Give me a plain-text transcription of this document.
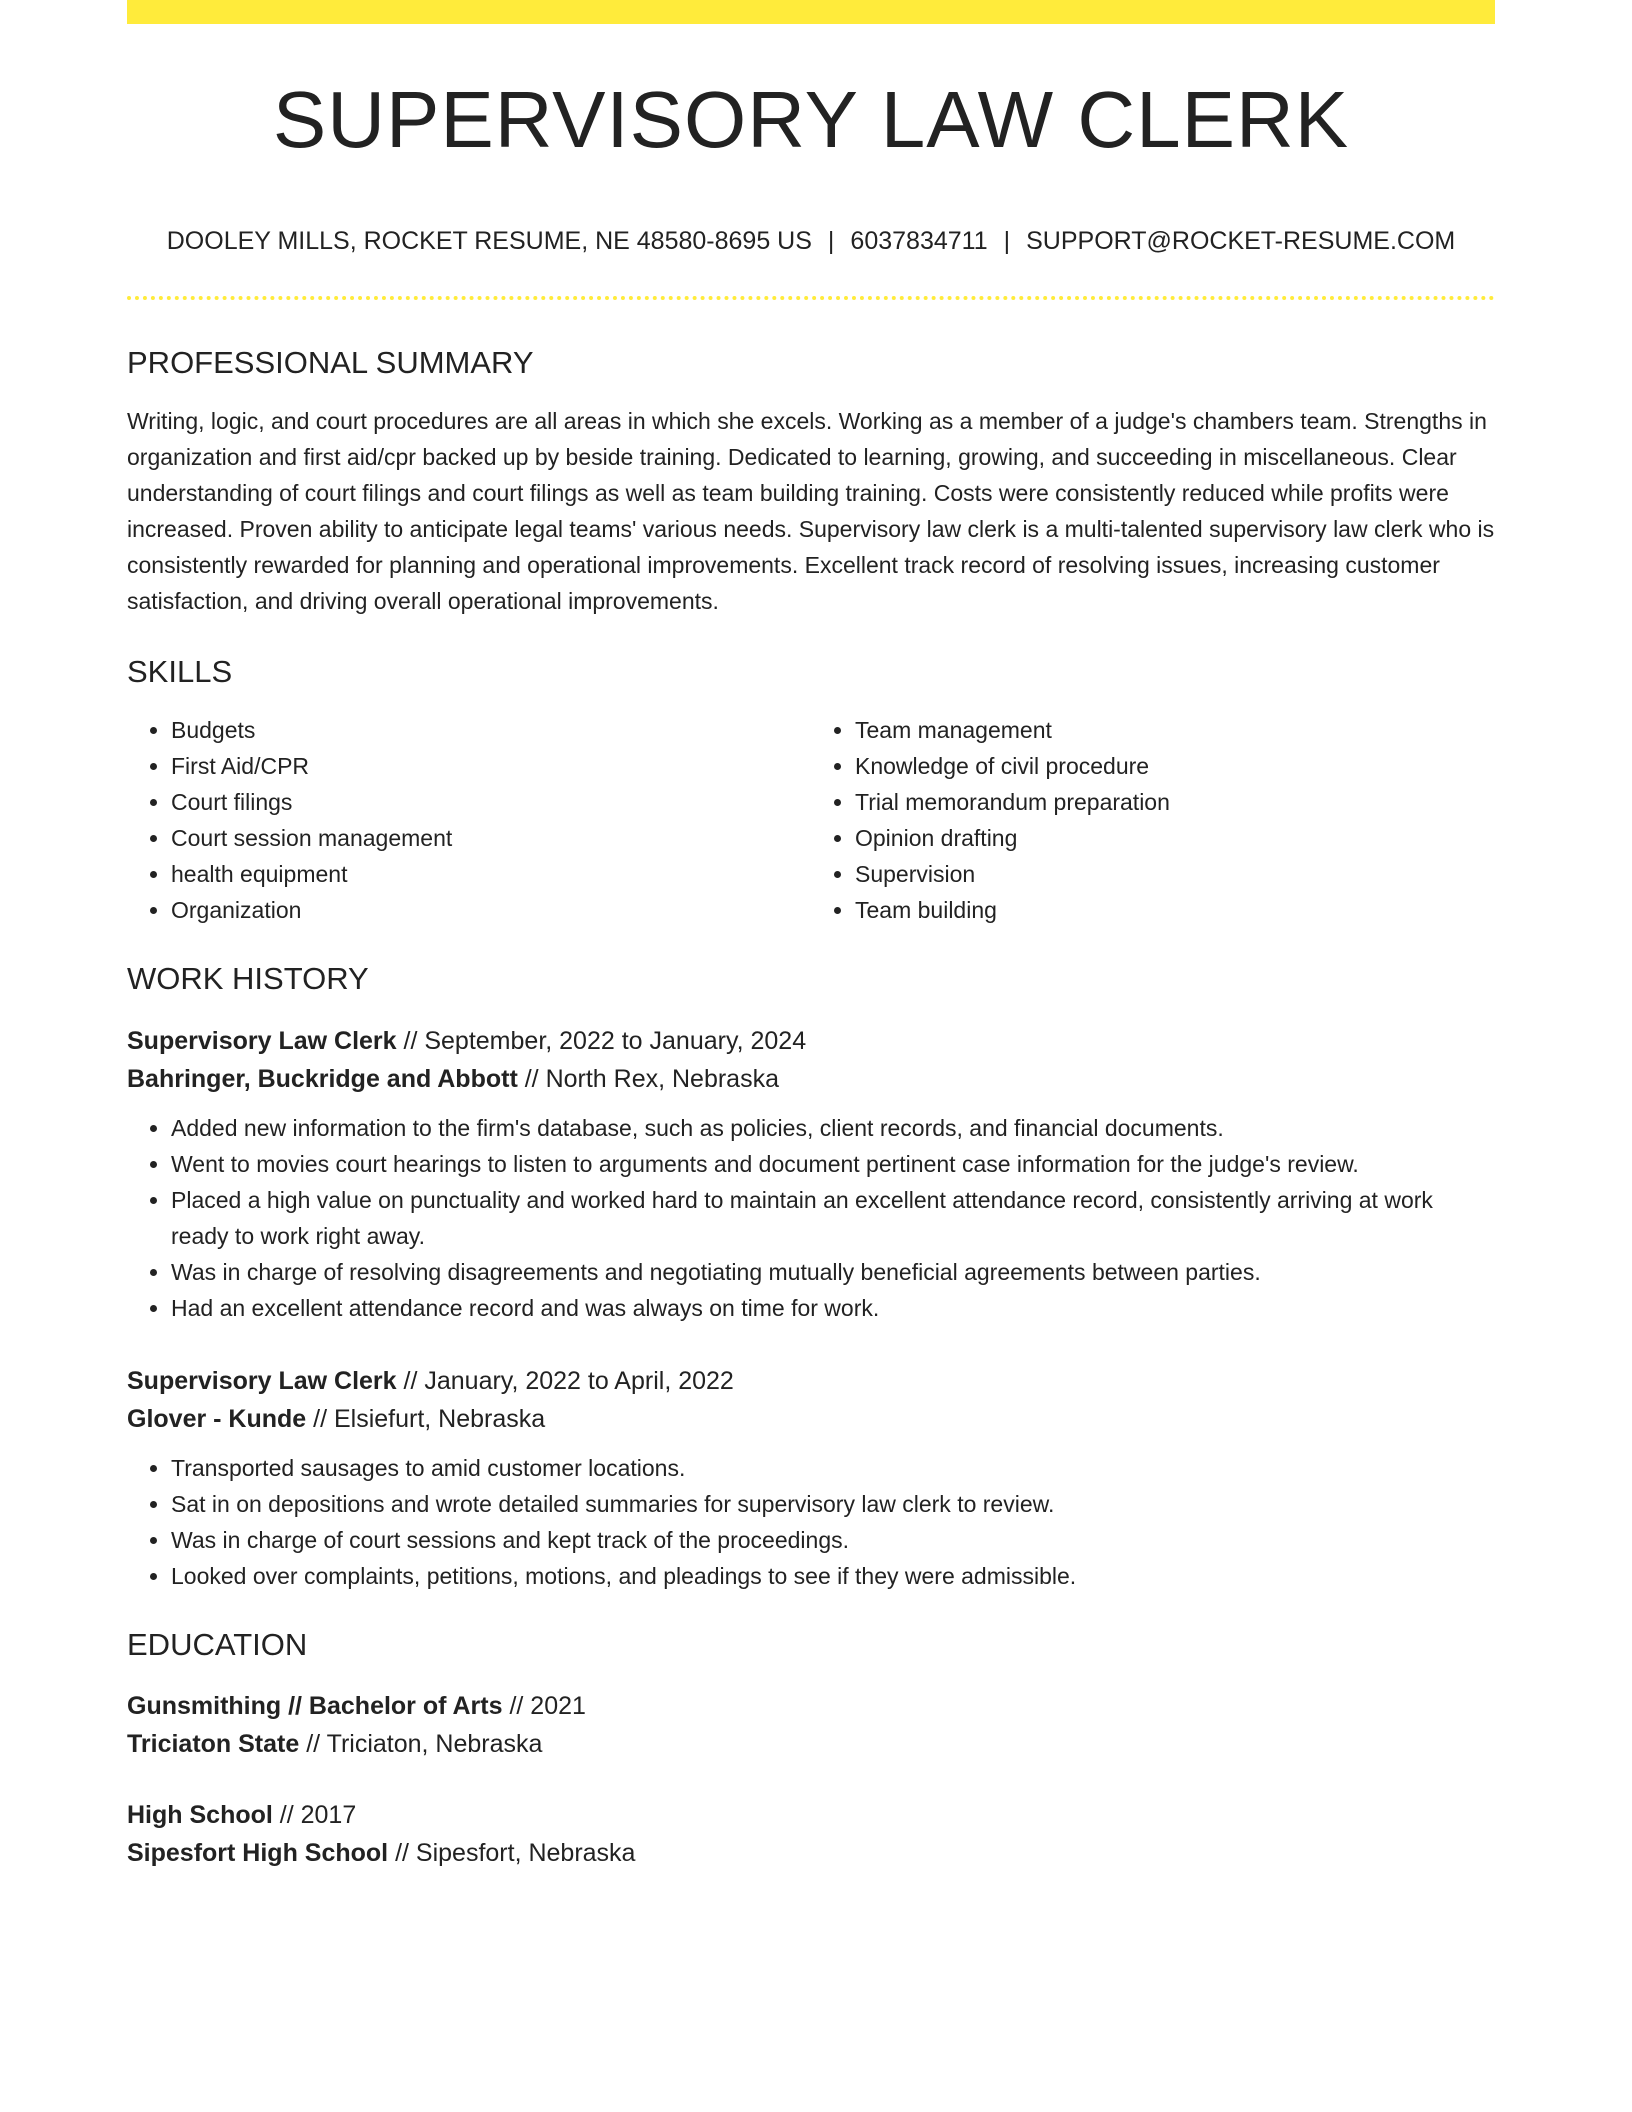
SUPERVISORY LAW CLERK
DOOLEY MILLS, ROCKET RESUME, NE 48580-8695 US | 6037834711 | SUPPORT@ROCKET-RESUME.COM
PROFESSIONAL SUMMARY

Writing, logic, and court procedures are all areas in which she excels. Working as a member of a judge's chambers team. Strengths in organization and first aid/cpr backed up by beside training. Dedicated to learning, growing, and succeeding in miscellaneous. Clear understanding of court filings and court filings as well as team building training. Costs were consistently reduced while profits were increased. Proven ability to anticipate legal teams' various needs. Supervisory law clerk is a multi-talented supervisory law clerk who is consistently rewarded for planning and operational improvements. Excellent track record of resolving issues, increasing customer satisfaction, and driving overall operational improvements.

SKILLS
• Budgets
• First Aid/CPR
• Court filings
• Court session management
• health equipment
• Organization
• Team management
• Knowledge of civil procedure
• Trial memorandum preparation
• Opinion drafting
• Supervision
• Team building
WORK HISTORY
Supervisory Law Clerk // September, 2022 to January, 2024
Bahringer, Buckridge and Abbott // North Rex, Nebraska
• Added new information to the firm's database, such as policies, client records, and financial documents.
• Went to movies court hearings to listen to arguments and document pertinent case information for the judge's review.
• Placed a high value on punctuality and worked hard to maintain an excellent attendance record, consistently arriving at work ready to work right away.
• Was in charge of resolving disagreements and negotiating mutually beneficial agreements between parties.
• Had an excellent attendance record and was always on time for work.
Supervisory Law Clerk // January, 2022 to April, 2022
Glover - Kunde // Elsiefurt, Nebraska
• Transported sausages to amid customer locations.
• Sat in on depositions and wrote detailed summaries for supervisory law clerk to review.
• Was in charge of court sessions and kept track of the proceedings.
• Looked over complaints, petitions, motions, and pleadings to see if they were admissible.
EDUCATION
Gunsmithing // Bachelor of Arts // 2021
Triciaton State // Triciaton, Nebraska
High School // 2017
Sipesfort High School // Sipesfort, Nebraska
